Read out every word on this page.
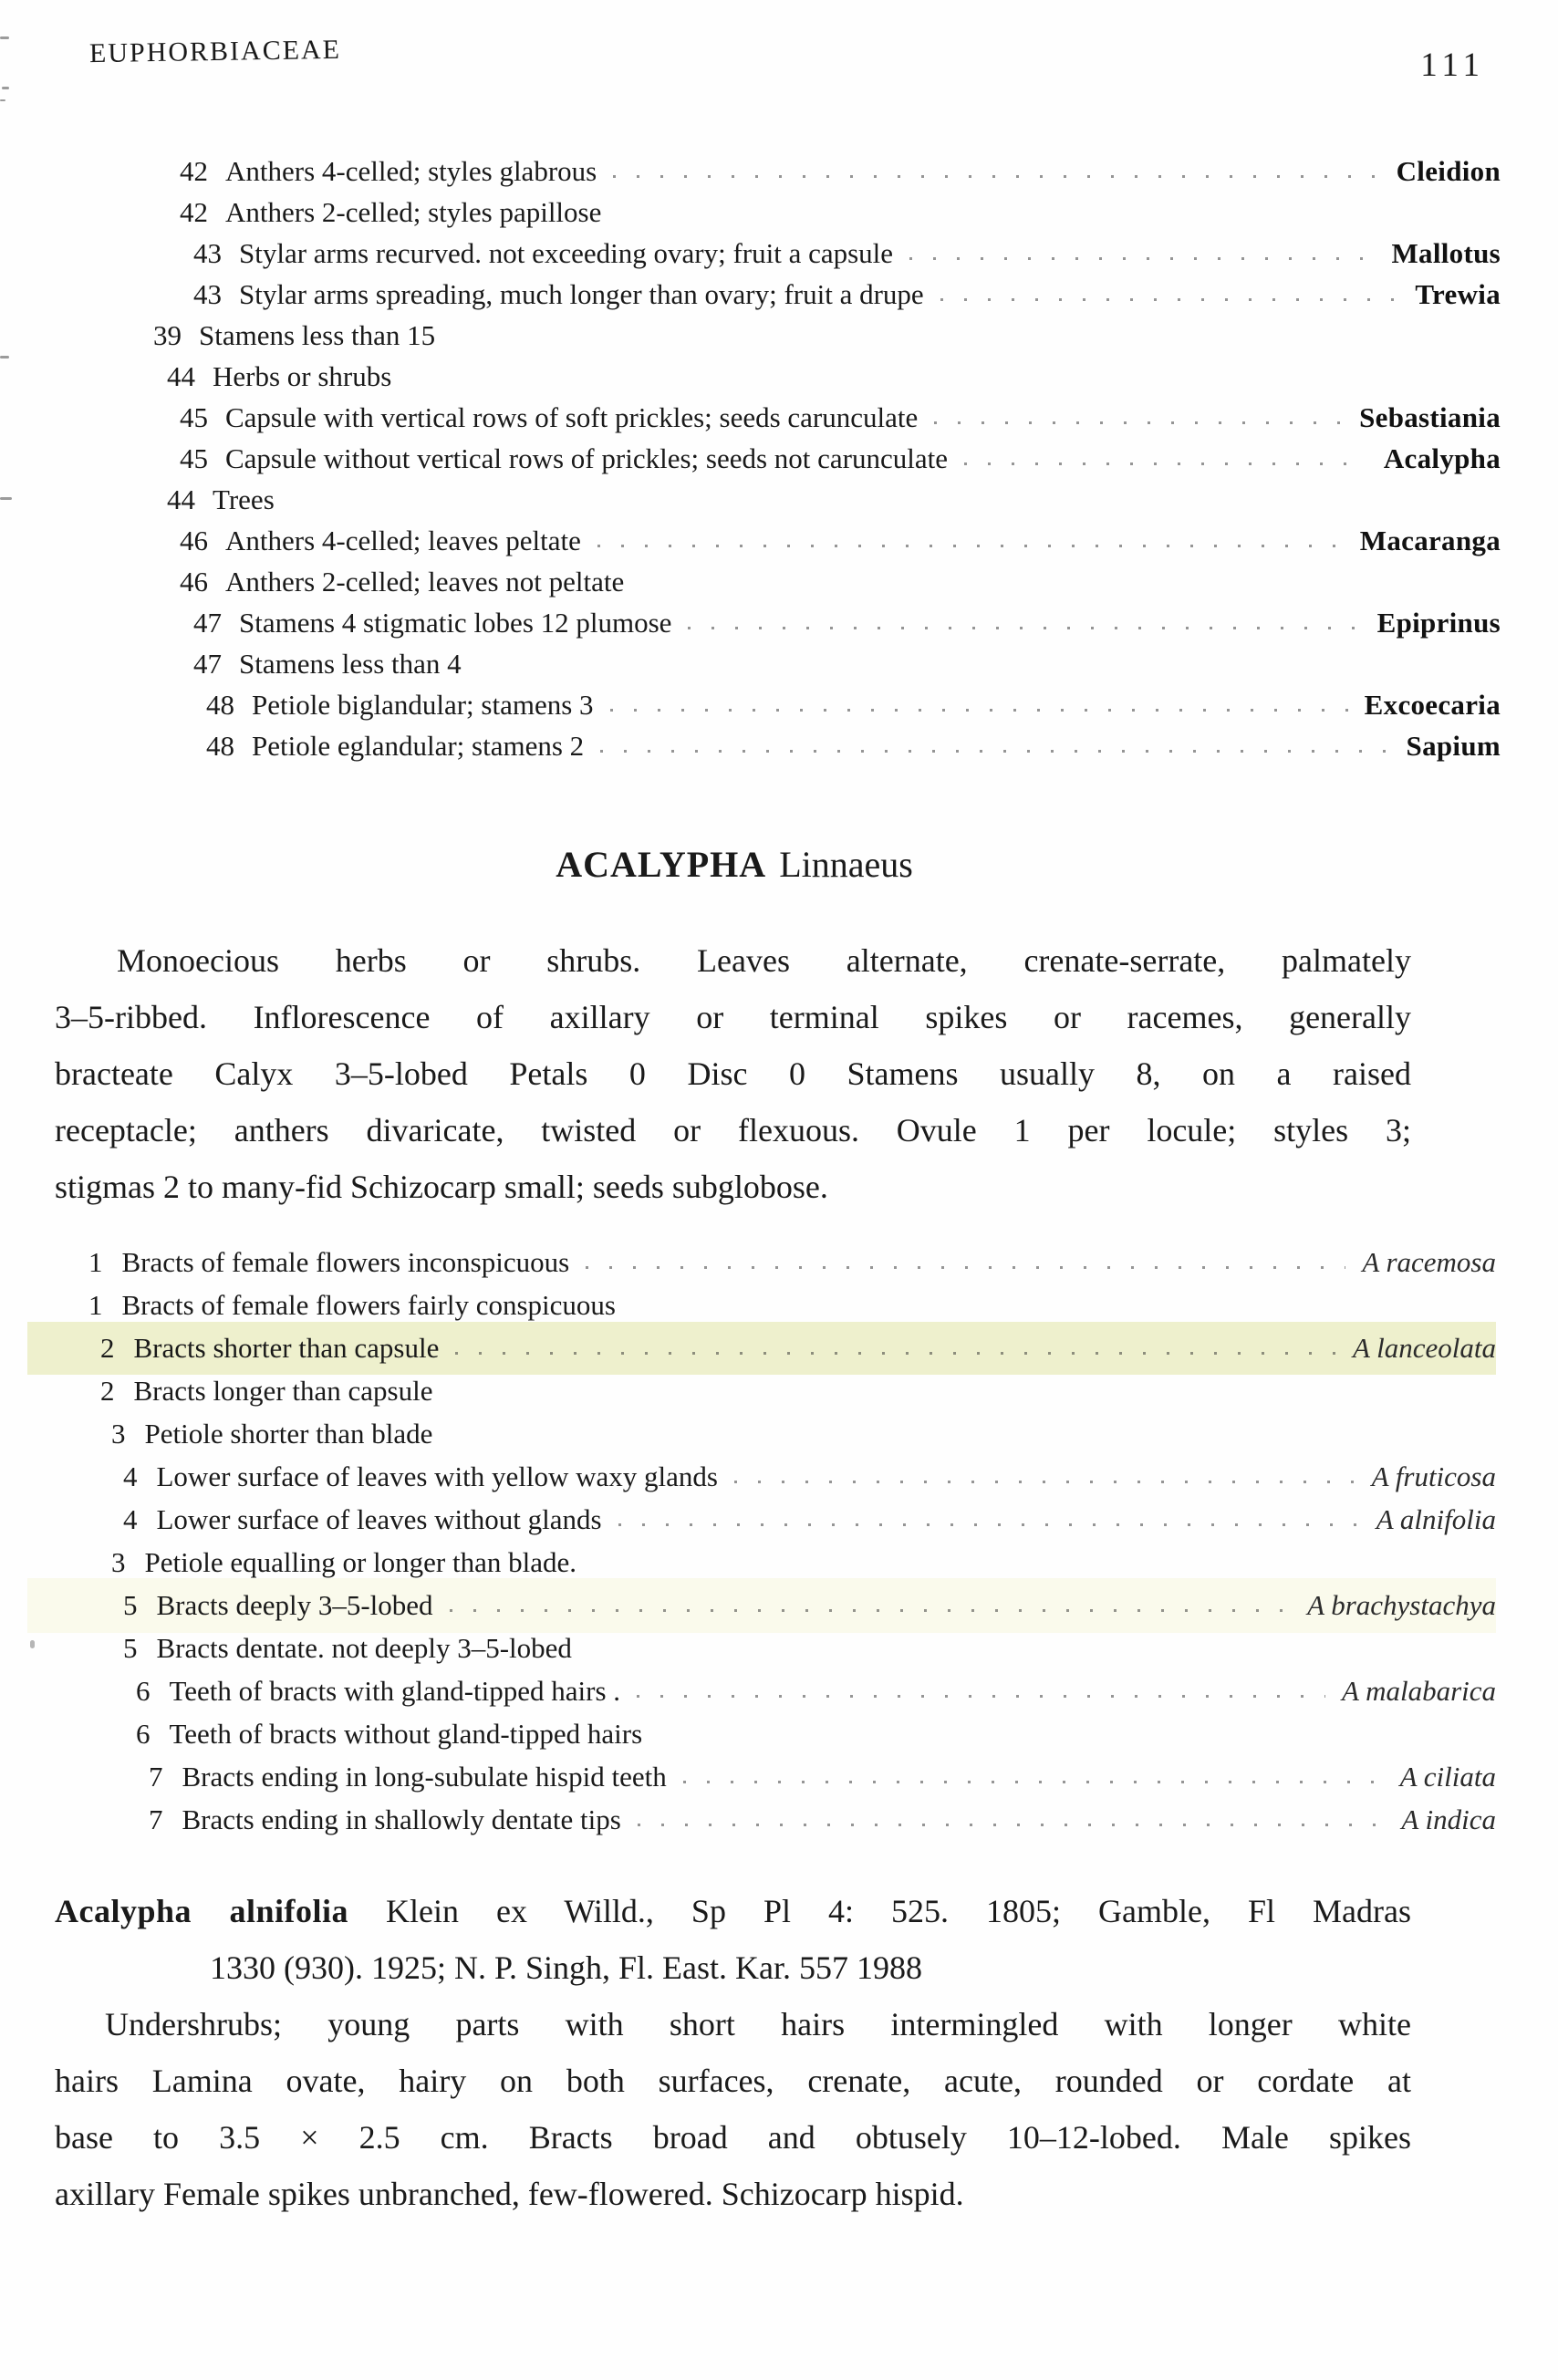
EUPHORBIACEAE	111
42 Anthers 4-celled; styles glabrous	Cleidion
42 Anthers 2-celled; styles papillose
43 Stylar arms recurved. not exceeding ovary; fruit a capsule	Mallotus
43 Stylar arms spreading, much longer than ovary; fruit a drupe	Trewia
39 Stamens less than 15
44 Herbs or shrubs
45 Capsule with vertical rows of soft prickles; seeds carunculate	Sebastiania
45 Capsule without vertical rows of prickles; seeds not carunculate	Acalypha
44 Trees
46 Anthers 4-celled; leaves peltate	Macaranga
46 Anthers 2-celled; leaves not peltate
47 Stamens 4 stigmatic lobes 12 plumose	Epiprinus
47 Stamens less than 4
48 Petiole biglandular; stamens 3	Excoecaria
48 Petiole eglandular; stamens 2	Sapium
ACALYPHA Linnaeus
Monoecious herbs or shrubs. Leaves alternate, crenate-serrate, palmately
3–5-ribbed. Inflorescence of axillary or terminal spikes or racemes, generally
bracteate Calyx 3–5-lobed Petals 0 Disc 0 Stamens usually 8, on a raised
receptacle; anthers divaricate, twisted or flexuous. Ovule 1 per locule; styles 3;
stigmas 2 to many-fid Schizocarp small; seeds subglobose.
1 Bracts of female flowers inconspicuous	A racemosa
1 Bracts of female flowers fairly conspicuous
2 Bracts shorter than capsule	A lanceolata
2 Bracts longer than capsule
3 Petiole shorter than blade
4 Lower surface of leaves with yellow waxy glands	A fruticosa
4 Lower surface of leaves without glands	A alnifolia
3 Petiole equalling or longer than blade.
5 Bracts deeply 3–5-lobed	A brachystachya
5 Bracts dentate. not deeply 3–5-lobed
6 Teeth of bracts with gland-tipped hairs .	A malabarica
6 Teeth of bracts without gland-tipped hairs
7 Bracts ending in long-subulate hispid teeth	A ciliata
7 Bracts ending in shallowly dentate tips	A indica
Acalypha alnifolia Klein ex Willd., Sp Pl 4: 525. 1805; Gamble, Fl Madras
1330 (930). 1925; N. P. Singh, Fl. East. Kar. 557 1988
Undershrubs; young parts with short hairs intermingled with longer white
hairs Lamina ovate, hairy on both surfaces, crenate, acute, rounded or cordate at
base to 3.5 × 2.5 cm. Bracts broad and obtusely 10–12-lobed. Male spikes
axillary Female spikes unbranched, few-flowered. Schizocarp hispid.
